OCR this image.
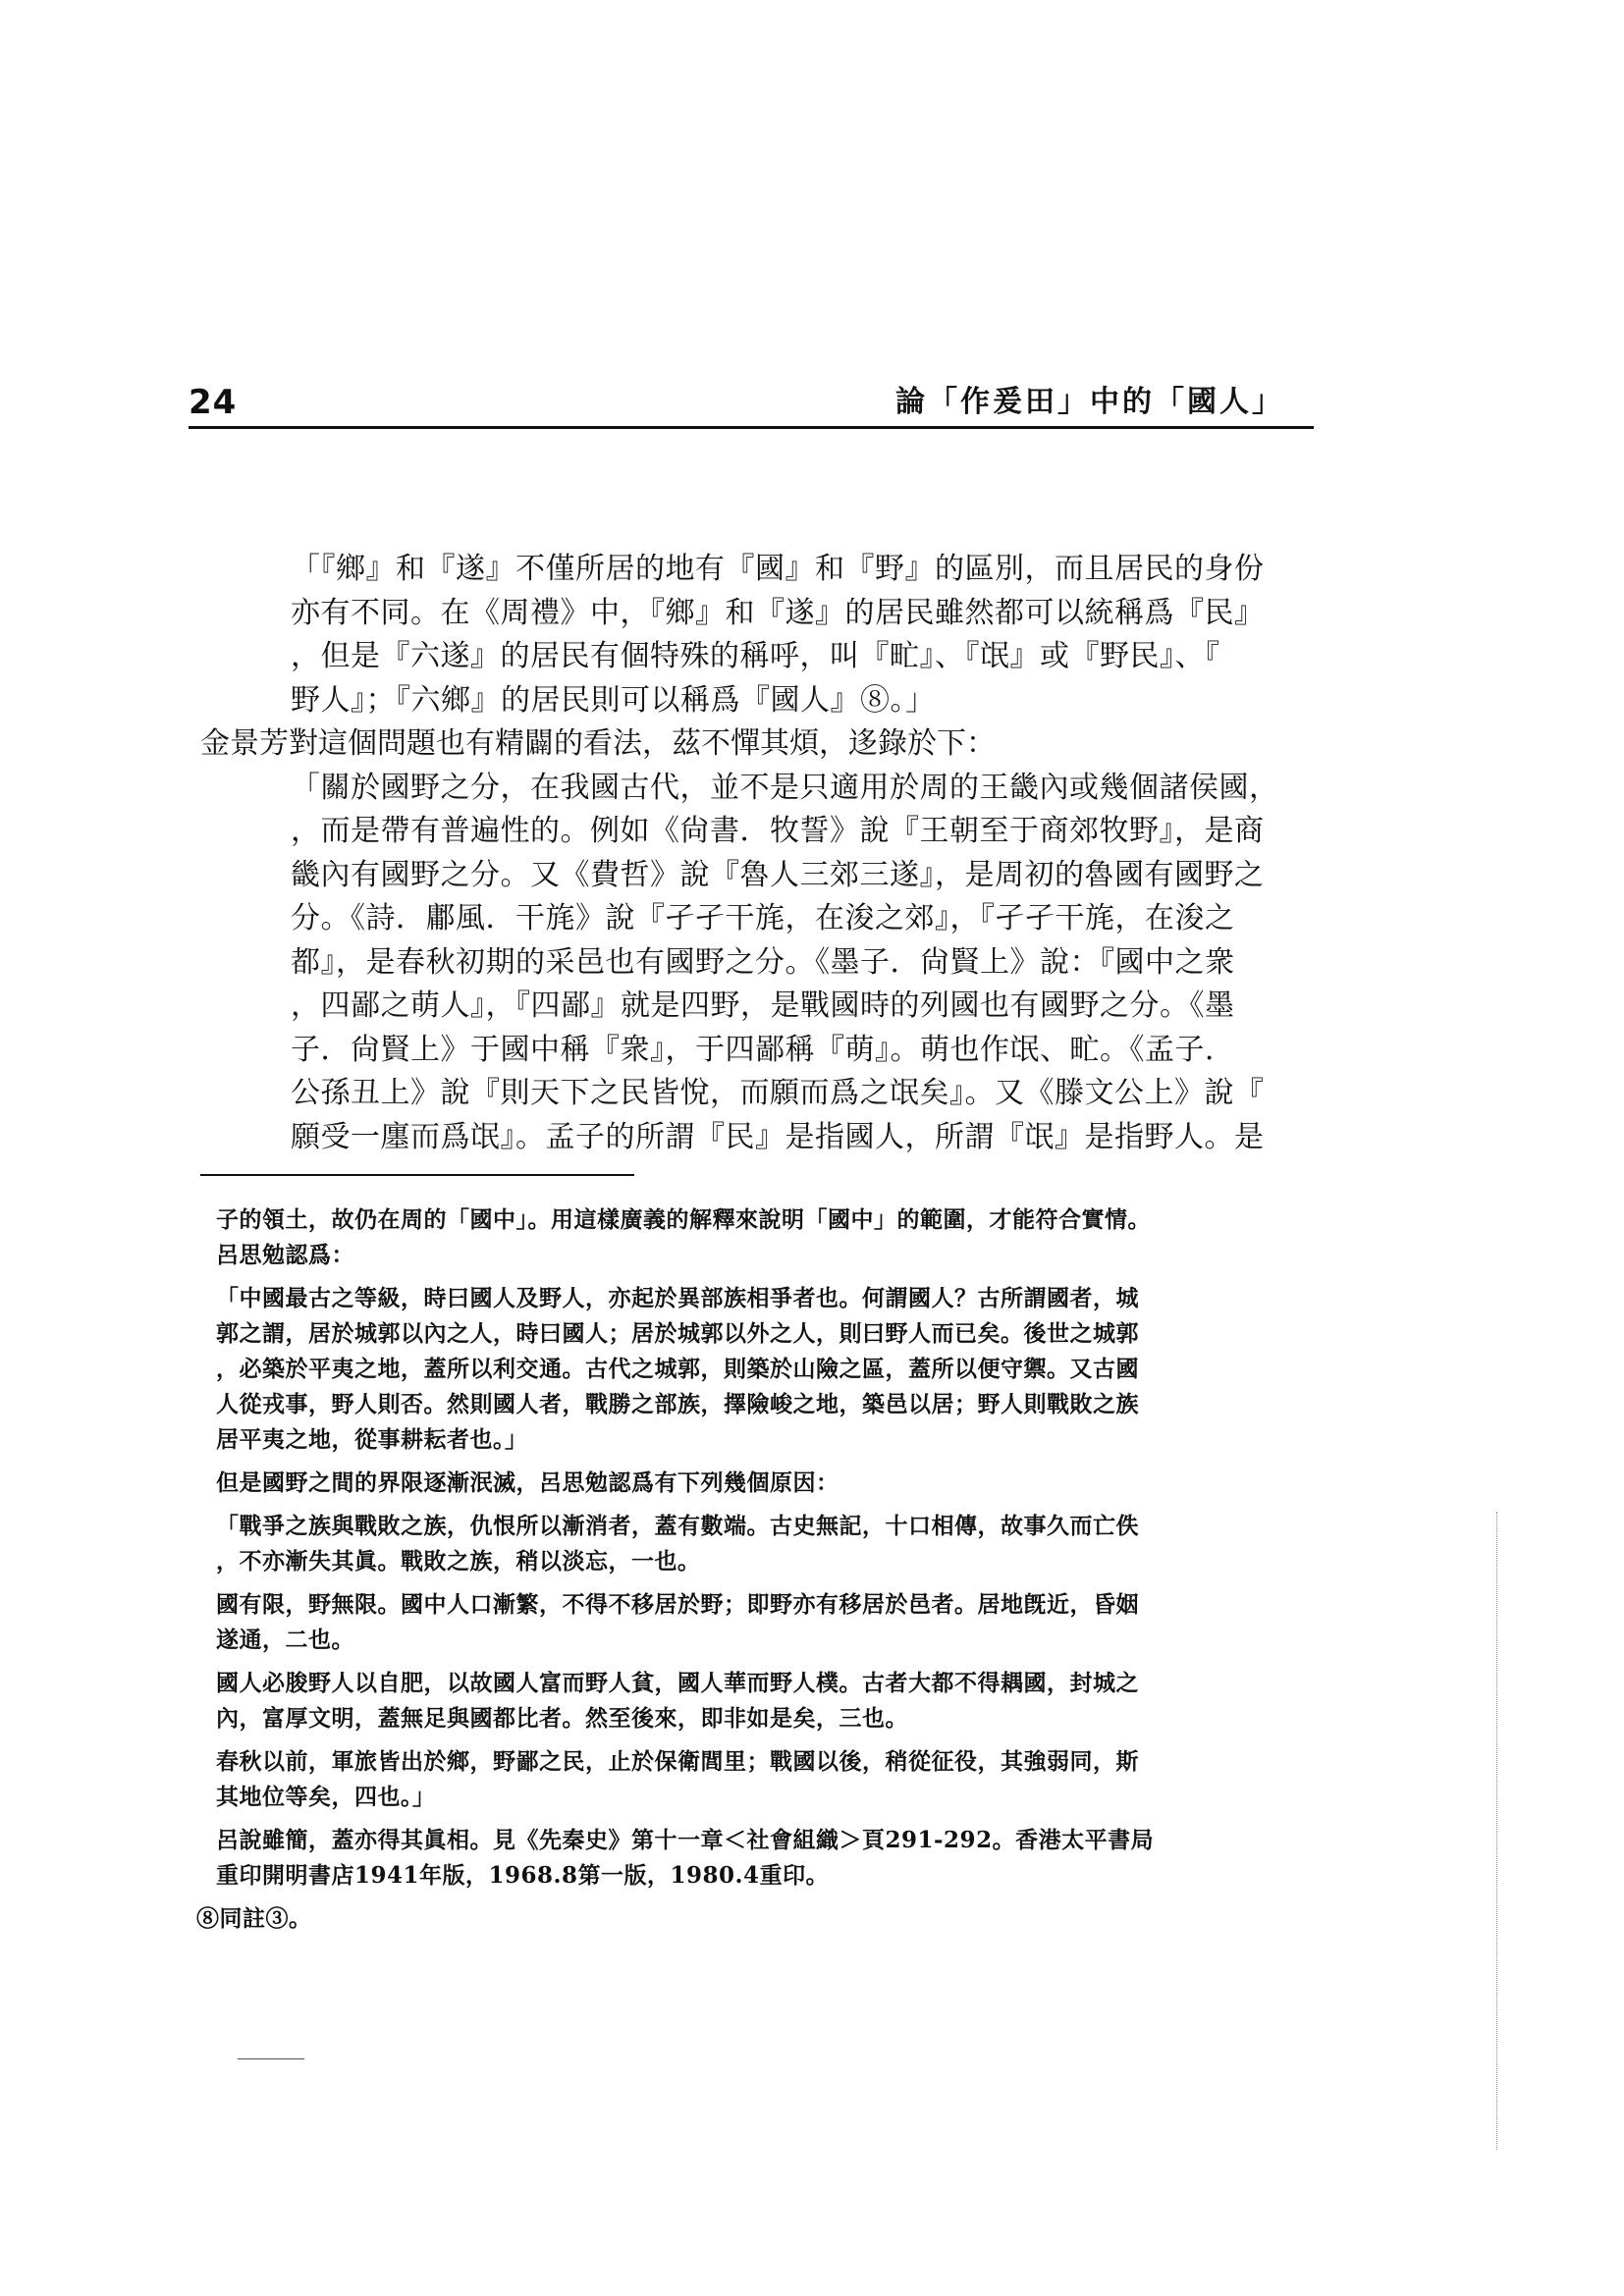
24	論「作爰田」中的「國人」
「『鄉』和『遂』不僅所居的地有『國』和『野』的區別，而且居民的身份
亦有不同。在《周禮》中，『鄉』和『遂』的居民雖然都可以統稱爲『民』
，但是『六遂』的居民有個特殊的稱呼，叫『甿』、『氓』或『野民』、『
野人』；『六鄉』的居民則可以稱爲『國人』⑧。」
金景芳對這個問題也有精闢的看法，茲不憚其煩，迻錄於下：
「關於國野之分，在我國古代，並不是只適用於周的王畿內或幾個諸侯國，
，而是帶有普遍性的。例如《尙書．牧誓》說『王朝至于商郊牧野』，是商
畿內有國野之分。又《費哲》說『魯人三郊三遂』，是周初的魯國有國野之
分。《詩．鄘風．干旄》說『孑孑干旄，在浚之郊』，『孑孑干旄，在浚之
都』，是春秋初期的采邑也有國野之分。《墨子．尙賢上》說：『國中之衆
，四鄙之萌人』，『四鄙』就是四野，是戰國時的列國也有國野之分。《墨
子．尙賢上》于國中稱『衆』，于四鄙稱『萌』。萌也作氓、甿。《孟子．
公孫丑上》說『則天下之民皆悅，而願而爲之氓矣』。又《滕文公上》說『
願受一廛而爲氓』。孟子的所謂『民』是指國人，所謂『氓』是指野人。是
子的領土，故仍在周的「國中」。用這樣廣義的解釋來說明「國中」的範圍，才能符合實情。
呂思勉認爲：
「中國最古之等級，時曰國人及野人，亦起於異部族相爭者也。何謂國人？古所謂國者，城
郭之謂，居於城郭以內之人，時曰國人；居於城郭以外之人，則曰野人而已矣。後世之城郭
，必築於平夷之地，蓋所以利交通。古代之城郭，則築於山險之區，蓋所以便守禦。又古國
人從戎事，野人則否。然則國人者，戰勝之部族，擇險峻之地，築邑以居；野人則戰敗之族
居平夷之地，從事耕耘者也。」
但是國野之間的界限逐漸泯滅，呂思勉認爲有下列幾個原因：
「戰爭之族與戰敗之族，仇恨所以漸消者，蓋有數端。古史無記，十口相傳，故事久而亡佚
，不亦漸失其眞。戰敗之族，稍以淡忘，一也。
國有限，野無限。國中人口漸繁，不得不移居於野；即野亦有移居於邑者。居地旣近，昏姻
遂通，二也。
國人必朘野人以自肥，以故國人富而野人貧，國人華而野人樸。古者大都不得耦國，封城之
內，富厚文明，蓋無足與國都比者。然至後來，即非如是矣，三也。
春秋以前，軍旅皆出於鄉，野鄙之民，止於保衛閭里；戰國以後，稍從征役，其強弱同，斯
其地位等矣，四也。」
呂說雖簡，蓋亦得其眞相。見《先秦史》第十一章＜社會組織＞頁291-292。香港太平書局
重印開明書店1941年版，1968.8第一版，1980.4重印。
⑧同註③。
